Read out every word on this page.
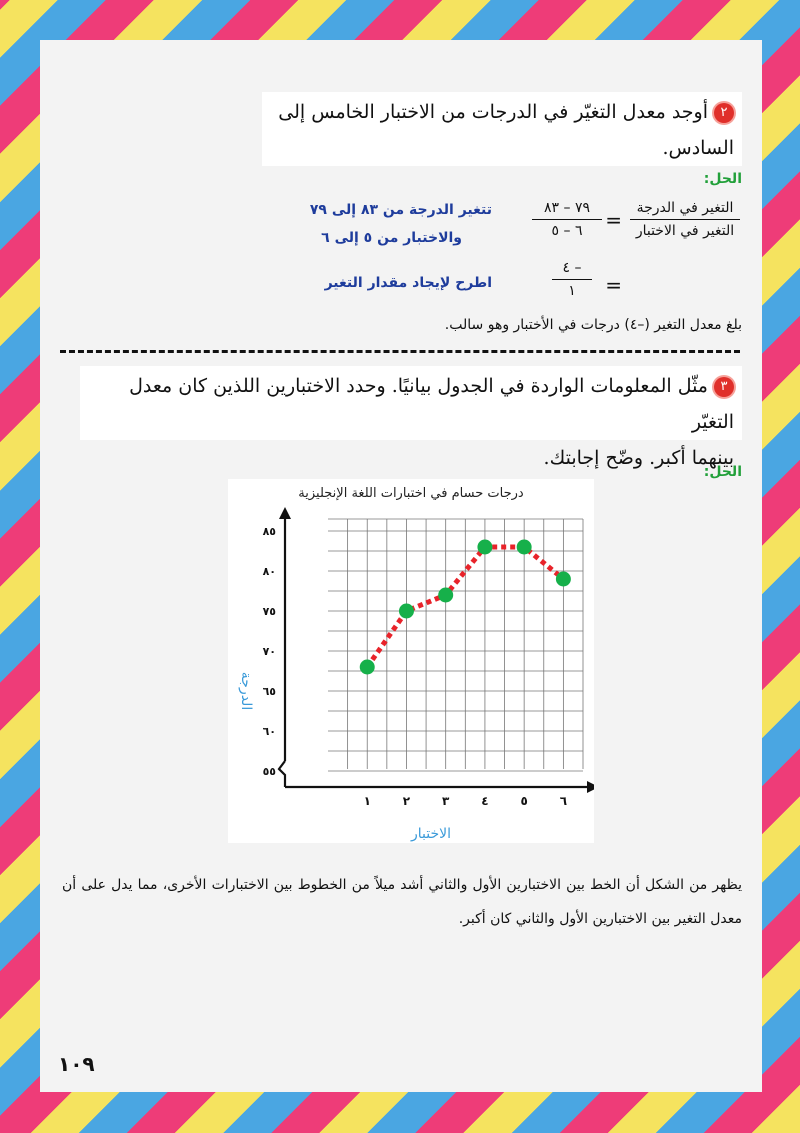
٢أوجد معدل التغيّر في الدرجات من الاختبار الخامس إلى
السادس.
الحل:
التغير في الدرجة
التغير في الاختبار
=
٧٩ – ٨٣
٦ – ٥
تتغير الدرجة من ٨٣ إلى ٧٩
والاختبار من ٥ إلى ٦
=
– ٤
١
اطرح لإيجاد مقدار التغير
بلغ معدل التغير (–٤) درجات في الأختبار وهو سالب.
٣مثّل المعلومات الواردة في الجدول بيانيًا. وحدد الاختبارين اللذين كان معدل التغيّر
بينهما أكبر. وضّح إجابتك.
الحل:
درجات حسام في اختبارات اللغة الإنجليزية
٥٥
٦٠
٦٥
٧٠
٧٥
٨٠
٨٥
١	٢	٣	٤	٥	٦
الاختبار
الدرجة
يظهر من الشكل أن الخط بين الاختبارين الأول والثاني أشد ميلاً من الخطوط بين الاختبارات الأخرى، مما يدل على أن معدل التغير بين الاختبارين الأول والثاني كان أكبر.
١٠٩
